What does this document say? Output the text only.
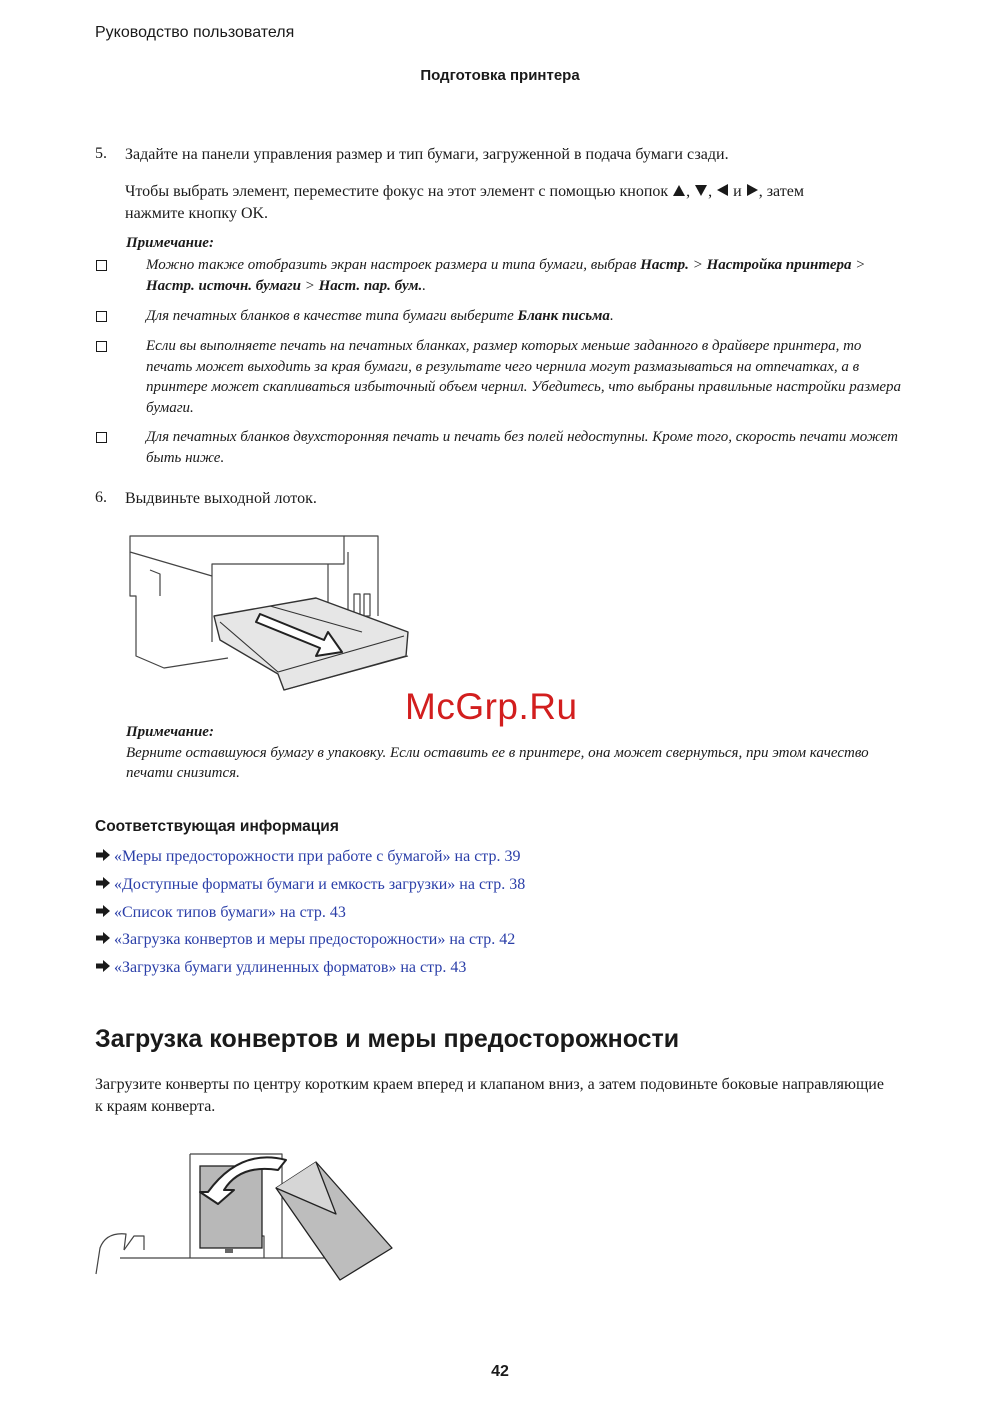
Руководство пользователя
Подготовка принтера
5. Задайте на панели управления размер и тип бумаги, загруженной в подача бумаги сзади.
Чтобы выбрать элемент, переместите фокус на этот элемент с помощью кнопок , , и , затем
нажмите кнопку OK.
Примечание:
Можно также отобразить экран настроек размера и типа бумаги, выбрав Настр. > Настройка принтера > Настр. источн. бумаги > Наст. пар. бум..
Для печатных бланков в качестве типа бумаги выберите Бланк письма.
Если вы выполняете печать на печатных бланках, размер которых меньше заданного в драйвере принтера, то печать может выходить за края бумаги, в результате чего чернила могут размазываться на отпечатках, а в принтере может скапливаться избыточный объем чернил. Убедитесь, что выбраны правильные настройки размера бумаги.
Для печатных бланков двухсторонняя печать и печать без полей недоступны. Кроме того, скорость печати может быть ниже.
6. Выдвиньте выходной лоток.
McGrp.Ru
Примечание:
Верните оставшуюся бумагу в упаковку. Если оставить ее в принтере, она может свернуться, при этом качество печати снизится.
Соответствующая информация
«Меры предосторожности при работе с бумагой» на стр. 39
«Доступные форматы бумаги и емкость загрузки» на стр. 38
«Список типов бумаги» на стр. 43
«Загрузка конвертов и меры предосторожности» на стр. 42
«Загрузка бумаги удлиненных форматов» на стр. 43
Загрузка конвертов и меры предосторожности
Загрузите конверты по центру коротким краем вперед и клапаном вниз, а затем подовиньте боковые направляющие к краям конверта.
42
